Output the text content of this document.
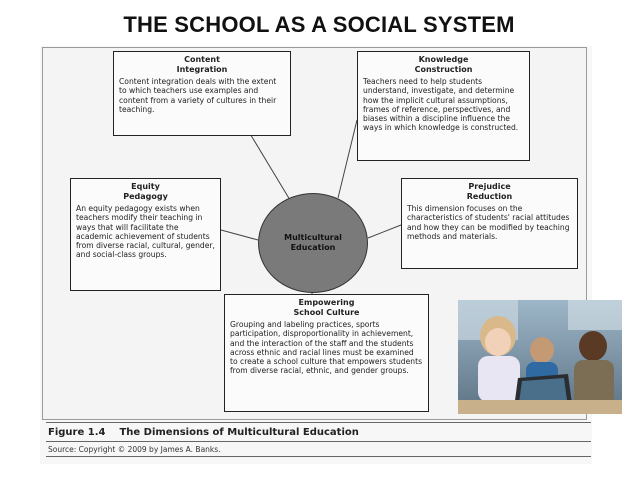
THE SCHOOL AS A SOCIAL SYSTEM
Content
Integration
Content integration deals with the extent to which teachers use examples and content from a variety of cultures in their teaching.
Knowledge
Construction
Teachers need to help students understand, investigate, and determine how the implicit cultural assumptions, frames of reference, perspectives, and biases within a discipline influence the ways in which knowledge is constructed.
Equity
Pedagogy
An equity pedagogy exists when teachers modify their teaching in ways that will facilitate the academic achievement of students from diverse racial, cultural, gender, and social-class groups.
Prejudice
Reduction
This dimension focuses on the characteristics of students' racial attitudes and how they can be modified by teaching methods and materials.
Multicultural
Education
Empowering
School Culture
Grouping and labeling practices, sports participation, disproportionality in achievement, and the interaction of the staff and the students across ethnic and racial lines must be examined to create a school culture that empowers students from diverse racial, ethnic, and gender groups.
Figure 1.4 The Dimensions of Multicultural Education
Source: Copyright © 2009 by James A. Banks.
